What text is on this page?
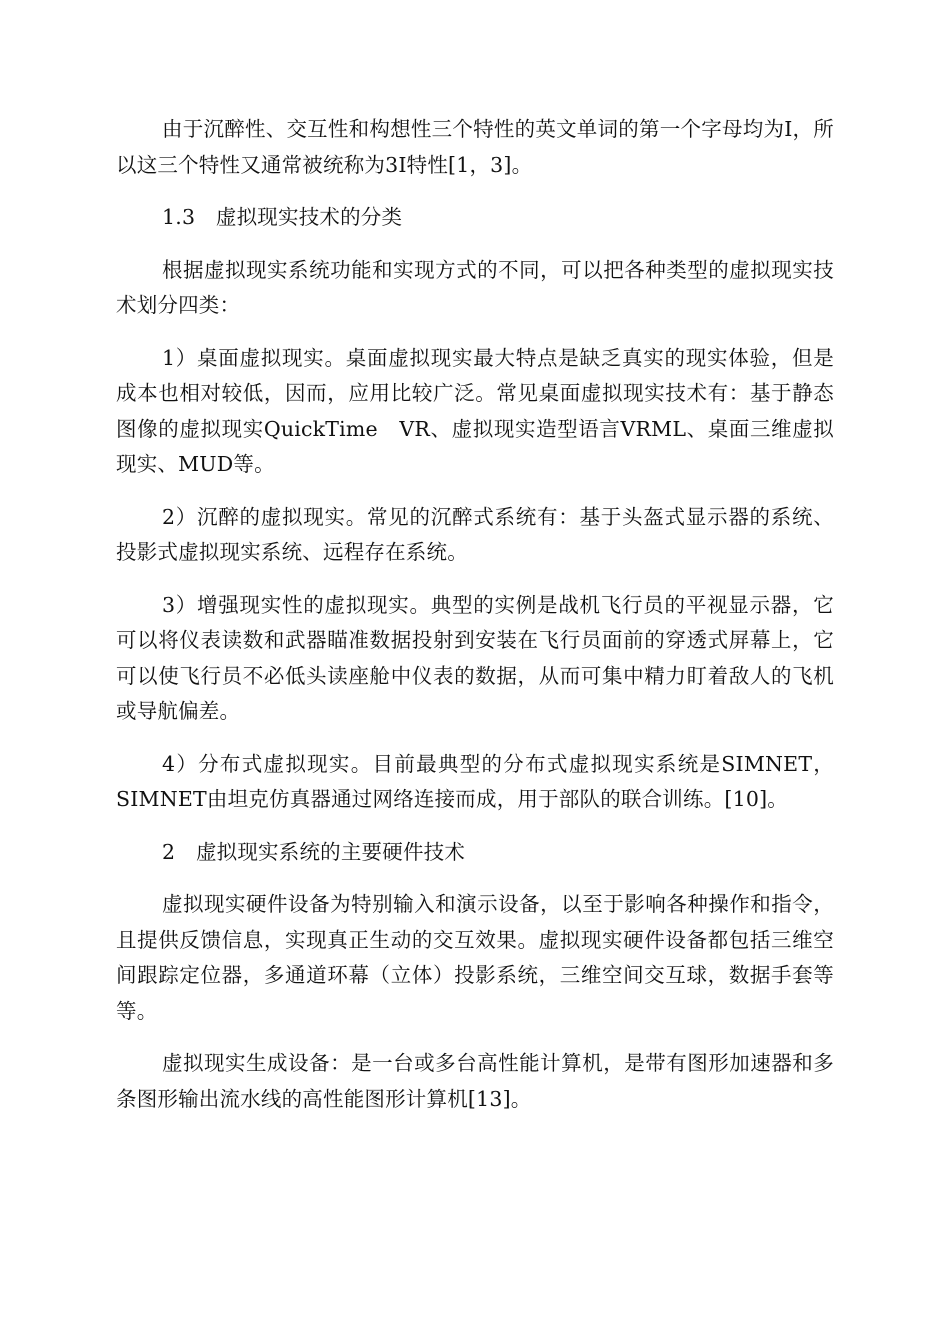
由于沉醉性、交互性和构想性三个特性的英文单词的第一个字母均为I，所以这三个特性又通常被统称为3I特性[1，3]。

1.3　虚拟现实技术的分类

根据虚拟现实系统功能和实现方式的不同，可以把各种类型的虚拟现实技术划分四类：

1）桌面虚拟现实。桌面虚拟现实最大特点是缺乏真实的现实体验，但是成本也相对较低，因而，应用比较广泛。常见桌面虚拟现实技术有：基于静态图像的虚拟现实QuickTime　VR、虚拟现实造型语言VRML、桌面三维虚拟现实、MUD等。

2）沉醉的虚拟现实。常见的沉醉式系统有：基于头盔式显示器的系统、投影式虚拟现实系统、远程存在系统。

3）增强现实性的虚拟现实。典型的实例是战机飞行员的平视显示器，它可以将仪表读数和武器瞄准数据投射到安装在飞行员面前的穿透式屏幕上，它可以使飞行员不必低头读座舱中仪表的数据，从而可集中精力盯着敌人的飞机或导航偏差。

4）分布式虚拟现实。目前最典型的分布式虚拟现实系统是SIMNET，SIMNET由坦克仿真器通过网络连接而成，用于部队的联合训练。[10]。

2　虚拟现实系统的主要硬件技术

虚拟现实硬件设备为特别输入和演示设备，以至于影响各种操作和指令，且提供反馈信息，实现真正生动的交互效果。虚拟现实硬件设备都包括三维空间跟踪定位器，多通道环幕（立体）投影系统，三维空间交互球，数据手套等等。

虚拟现实生成设备：是一台或多台高性能计算机，是带有图形加速器和多条图形输出流水线的高性能图形计算机[13]。
